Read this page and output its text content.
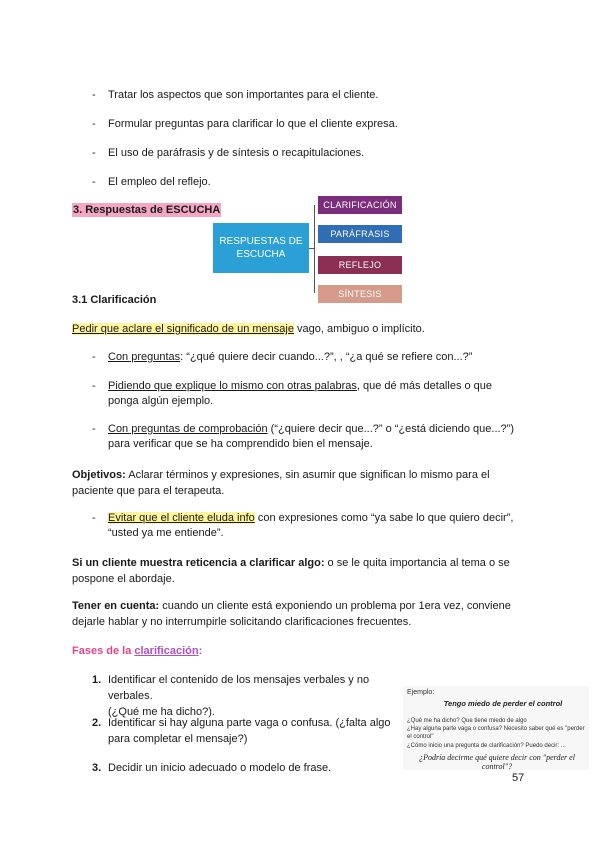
- Tratar los aspectos que son importantes para el cliente.
- Formular preguntas para clarificar lo que el cliente expresa.
- El uso de paráfrasis y de síntesis o recapitulaciones.
- El empleo del reflejo.
3. Respuestas de ESCUCHA
RESPUESTAS DE
ESCUCHA
CLARIFICACIÓN
PARÁFRASIS
REFLEJO
SÍNTESIS
3.1 Clarificación
Pedir que aclare el significado de un mensaje vago, ambiguo o implícito.
- Con preguntas: “¿qué quiere decir cuando...?”, , “¿a qué se refiere con...?”
- Pidiendo que explique lo mismo con otras palabras, que dé más detalles o que
ponga algún ejemplo.
- Con preguntas de comprobación (“¿quiere decir que...?” o “¿está diciendo que...?”)
para verificar que se ha comprendido bien el mensaje.
Objetivos: Aclarar términos y expresiones, sin asumir que significan lo mismo para el
paciente que para el terapeuta.
- Evitar que el cliente eluda info con expresiones como “ya sabe lo que quiero decir”,
“usted ya me entiende”.
Si un cliente muestra reticencia a clarificar algo: o se le quita importancia al tema o se
pospone el abordaje.
Tener en cuenta: cuando un cliente está exponiendo un problema por 1era vez, conviene
dejarle hablar y no interrumpirle solicitando clarificaciones frecuentes.
Fases de la clarificación:
1. Identificar el contenido de los mensajes verbales y no verbales.
(¿Qué me ha dicho?).
2. Identificar si hay alguna parte vaga o confusa. (¿falta algo
para completar el mensaje?)
3. Decidir un inicio adecuado o modelo de frase.
Ejemplo:
Tengo miedo de perder el control
¿Qué me ha dicho? Que tiene miedo de algo
¿Hay alguna parte vaga o confusa? Necesito saber qué es "perder el control"
¿Cómo inicio una pregunta de clarificación? Puedo decir: ...
¿Podría decirme qué quiere decir con "perder el control"?
57
